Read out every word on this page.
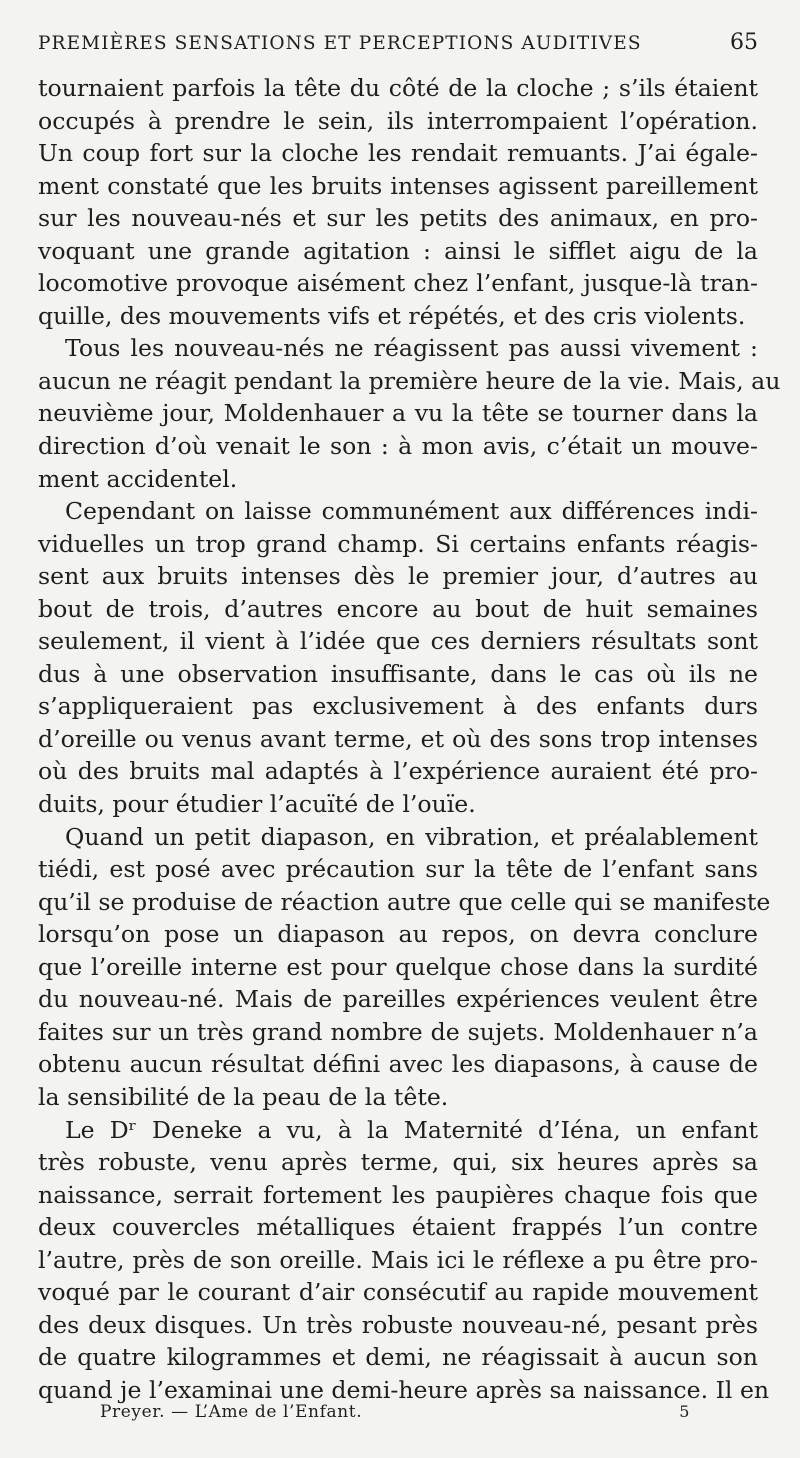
PREMIÈRES SENSATIONS ET PERCEPTIONS AUDITIVES	65
tournaient parfois la tête du côté de la cloche ; s’ils étaient
occupés à prendre le sein, ils interrompaient l’opération.
Un coup fort sur la cloche les rendait remuants. J’ai égale-
ment constaté que les bruits intenses agissent pareillement
sur les nouveau-nés et sur les petits des animaux, en pro-
voquant une grande agitation : ainsi le sifflet aigu de la
locomotive provoque aisément chez l’enfant, jusque-là tran-
quille, des mouvements vifs et répétés, et des cris violents.
Tous les nouveau-nés ne réagissent pas aussi vivement :
aucun ne réagit pendant la première heure de la vie. Mais, au
neuvième jour, Moldenhauer a vu la tête se tourner dans la
direction d’où venait le son : à mon avis, c’était un mouve-
ment accidentel.
Cependant on laisse communément aux différences indi-
viduelles un trop grand champ. Si certains enfants réagis-
sent aux bruits intenses dès le premier jour, d’autres au
bout de trois, d’autres encore au bout de huit semaines
seulement, il vient à l’idée que ces derniers résultats sont
dus à une observation insuffisante, dans le cas où ils ne
s’appliqueraient pas exclusivement à des enfants durs
d’oreille ou venus avant terme, et où des sons trop intenses
où des bruits mal adaptés à l’expérience auraient été pro-
duits, pour étudier l’acuïté de l’ouïe.
Quand un petit diapason, en vibration, et préalablement
tiédi, est posé avec précaution sur la tête de l’enfant sans
qu’il se produise de réaction autre que celle qui se manifeste
lorsqu’on pose un diapason au repos, on devra conclure
que l’oreille interne est pour quelque chose dans la surdité
du nouveau-né. Mais de pareilles expériences veulent être
faites sur un très grand nombre de sujets. Moldenhauer n’a
obtenu aucun résultat défini avec les diapasons, à cause de
la sensibilité de la peau de la tête.
Le Dʳ Deneke a vu, à la Maternité d’Iéna, un enfant
très robuste, venu après terme, qui, six heures après sa
naissance, serrait fortement les paupières chaque fois que
deux couvercles métalliques étaient frappés l’un contre
l’autre, près de son oreille. Mais ici le réflexe a pu être pro-
voqué par le courant d’air consécutif au rapide mouvement
des deux disques. Un très robuste nouveau-né, pesant près
de quatre kilogrammes et demi, ne réagissait à aucun son
quand je l’examinai une demi-heure après sa naissance. Il en
Preyer. — L’Ame de l’Enfant.	5
